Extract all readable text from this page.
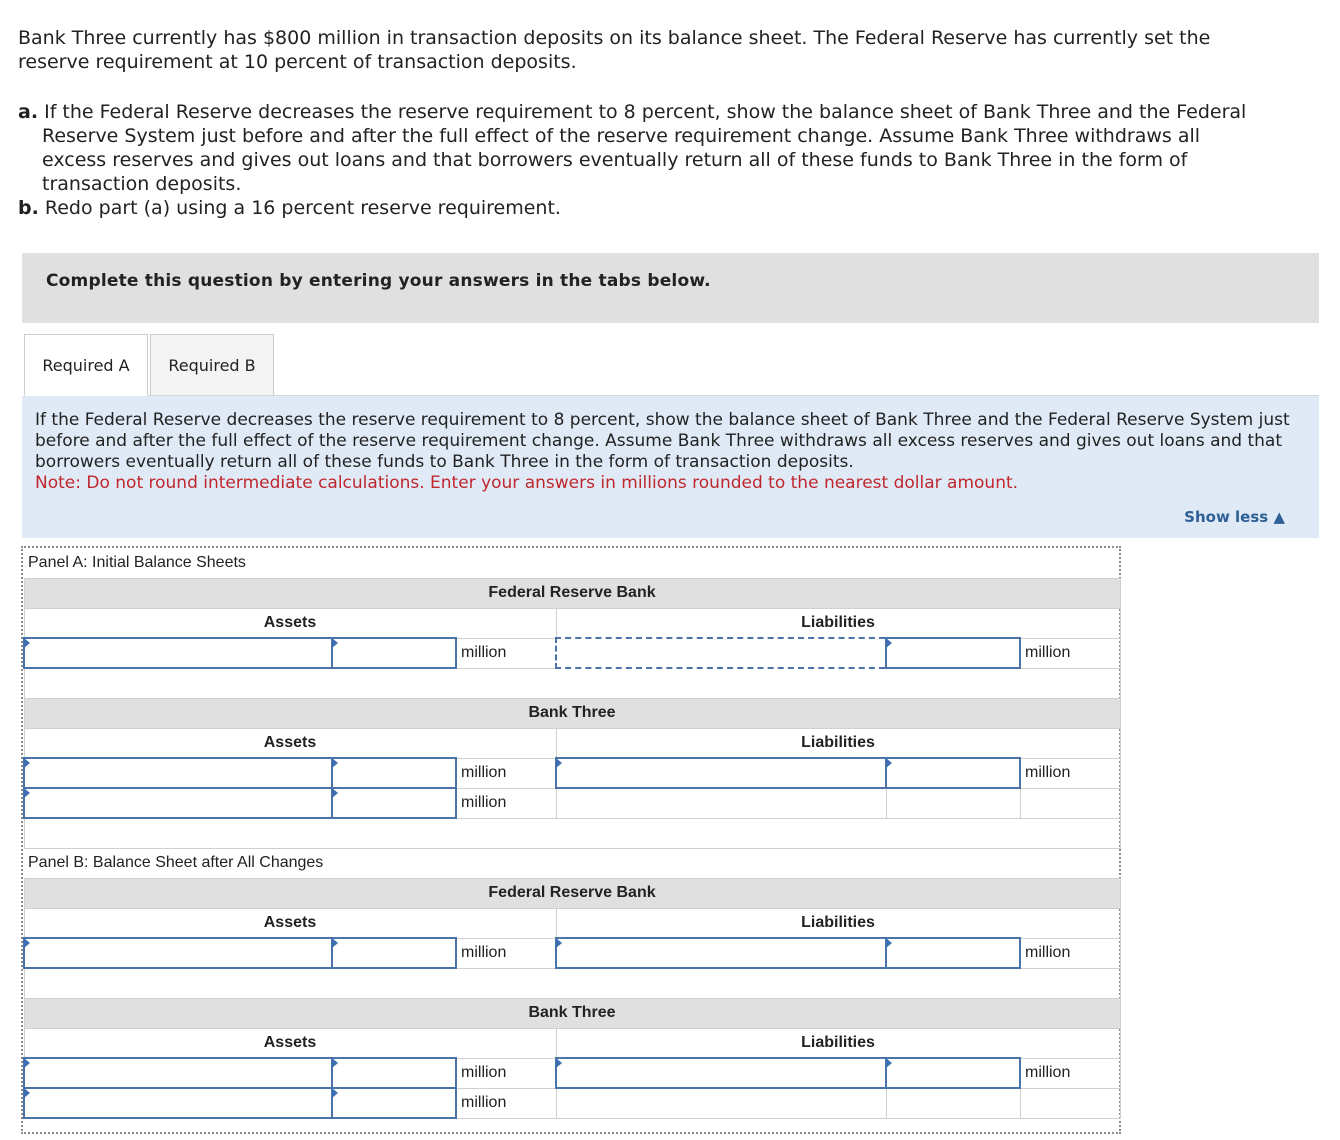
Bank Three currently has $800 million in transaction deposits on its balance sheet. The Federal Reserve has currently set the reserve requirement at 10 percent of transaction deposits.

a. If the Federal Reserve decreases the reserve requirement to 8 percent, show the balance sheet of Bank Three and the Federal Reserve System just before and after the full effect of the reserve requirement change. Assume Bank Three withdraws all excess reserves and gives out loans and that borrowers eventually return all of these funds to Bank Three in the form of transaction deposits.
b. Redo part (a) using a 16 percent reserve requirement.
Complete this question by entering your answers in the tabs below.
Required A	Required B
If the Federal Reserve decreases the reserve requirement to 8 percent, show the balance sheet of Bank Three and the Federal Reserve System just before and after the full effect of the reserve requirement change. Assume Bank Three withdraws all excess reserves and gives out loans and that borrowers eventually return all of these funds to Bank Three in the form of transaction deposits.
Note: Do not round intermediate calculations. Enter your answers in millions rounded to the nearest dollar amount.
Show less ▲
Panel A: Initial Balance Sheets					
Federal Reserve Bank					
Assets			Liabilities		
		million			million

Bank Three					
Assets			Liabilities		
		million			million
		million			

Panel B: Balance Sheet after All Changes					
Federal Reserve Bank					
Assets			Liabilities		
		million			million

Bank Three					
Assets			Liabilities		
		million			million
		million			
